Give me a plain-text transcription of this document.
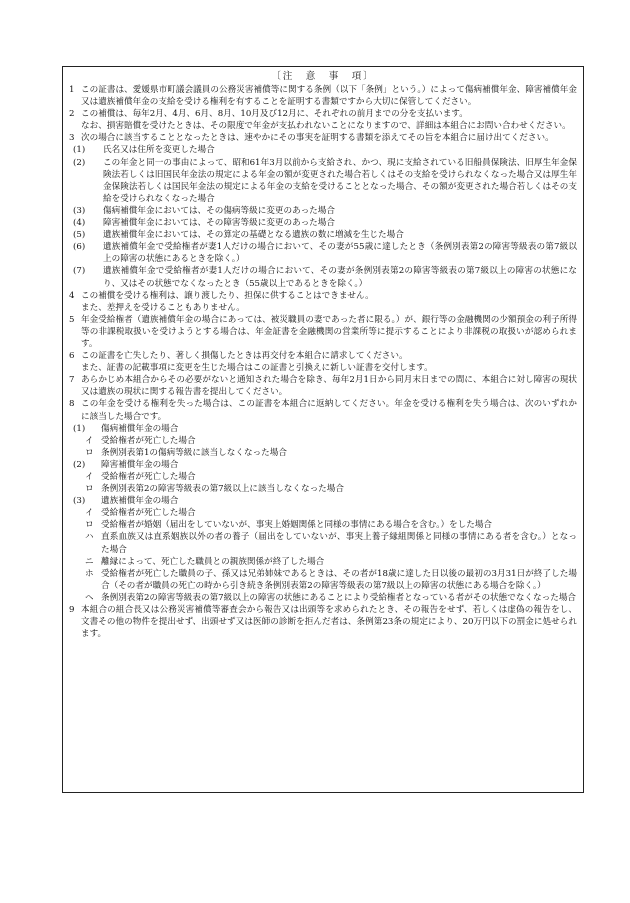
〔注　意　事　項〕
1 この証書は、愛媛県市町議会議員の公務災害補償等に関する条例（以下「条例」という。）によって傷病補償年金、障害補償年金又は遺族補償年金の支給を受ける権利を有することを証明する書類ですから大切に保管してください。
2 この補償は、毎年2月、4月、6月、8月、10月及び12月に、それぞれの前月までの分を支払います。
なお、損害賠償を受けたときは、その限度で年金が支払われないことになりますので、詳細は本組合にお問い合わせください。
3 次の場合に該当することとなったときは、速やかにその事実を証明する書類を添えてその旨を本組合に届け出てください。
(1) 氏名又は住所を変更した場合
(2) この年金と同一の事由によって、昭和61年3月以前から支給され、かつ、現に支給されている旧船員保険法、旧厚生年金保険法若しくは旧国民年金法の規定による年金の額が変更された場合若しくはその支給を受けられなくなった場合又は厚生年金保険法若しくは国民年金法の規定による年金の支給を受けることとなった場合、その額が変更された場合若しくはその支給を受けられなくなった場合
(3) 傷病補償年金においては、その傷病等級に変更のあった場合
(4) 障害補償年金においては、その障害等級に変更のあった場合
(5) 遺族補償年金においては、その算定の基礎となる遺族の数に増減を生じた場合
(6) 遺族補償年金で受給権者が妻1人だけの場合において、その妻が55歳に達したとき（条例別表第2の障害等級表の第7級以上の障害の状態にあるときを除く。）
(7) 遺族補償年金で受給権者が妻1人だけの場合において、その妻が条例別表第2の障害等級表の第7級以上の障害の状態になり、又はその状態でなくなったとき（55歳以上であるときを除く。）
4 この補償を受ける権利は、譲り渡したり、担保に供することはできません。
また、差押えを受けることもありません。
5 年金受給権者（遺族補償年金の場合にあっては、被災職員の妻であった者に限る。）が、銀行等の金融機関の少額預金の利子所得等の非課税取扱いを受けようとする場合は、年金証書を金融機関の営業所等に提示することにより非課税の取扱いが認められます。
6 この証書を亡失したり、著しく損傷したときは再交付を本組合に請求してください。
また、証書の記載事項に変更を生じた場合はこの証書と引換えに新しい証書を交付します。
7 あらかじめ本組合からその必要がないと通知された場合を除き、毎年2月1日から同月末日までの間に、本組合に対し障害の現状又は遺族の現状に関する報告書を提出してください。
8 この年金を受ける権利を失った場合は、この証書を本組合に返納してください。年金を受ける権利を失う場合は、次のいずれかに該当した場合です。
(1) 傷病補償年金の場合
イ 受給権者が死亡した場合
ロ 条例別表第1の傷病等級に該当しなくなった場合
(2) 障害補償年金の場合
イ 受給権者が死亡した場合
ロ 条例別表第2の障害等級表の第7級以上に該当しなくなった場合
(3) 遺族補償年金の場合
イ 受給権者が死亡した場合
ロ 受給権者が婚姻（届出をしていないが、事実上婚姻関係と同様の事情にある場合を含む。）をした場合
ハ 直系血族又は直系姻族以外の者の養子（届出をしていないが、事実上養子縁組関係と同様の事情にある者を含む。）となった場合
ニ 離縁によって、死亡した職員との親族関係が終了した場合
ホ 受給権者が死亡した職員の子、孫又は兄弟姉妹であるときは、その者が18歳に達した日以後の最初の3月31日が終了した場合（その者が職員の死亡の時から引き続き条例別表第2の障害等級表の第7級以上の障害の状態にある場合を除く。）
ヘ 条例別表第2の障害等級表の第7級以上の障害の状態にあることにより受給権者となっている者がその状態でなくなった場合
9 本組合の組合長又は公務災害補償等審査会から報告又は出頭等を求められたとき、その報告をせず、若しくは虚偽の報告をし、文書その他の物件を提出せず、出頭せず又は医師の診断を拒んだ者は、条例第23条の規定により、20万円以下の罰金に処せられます。
